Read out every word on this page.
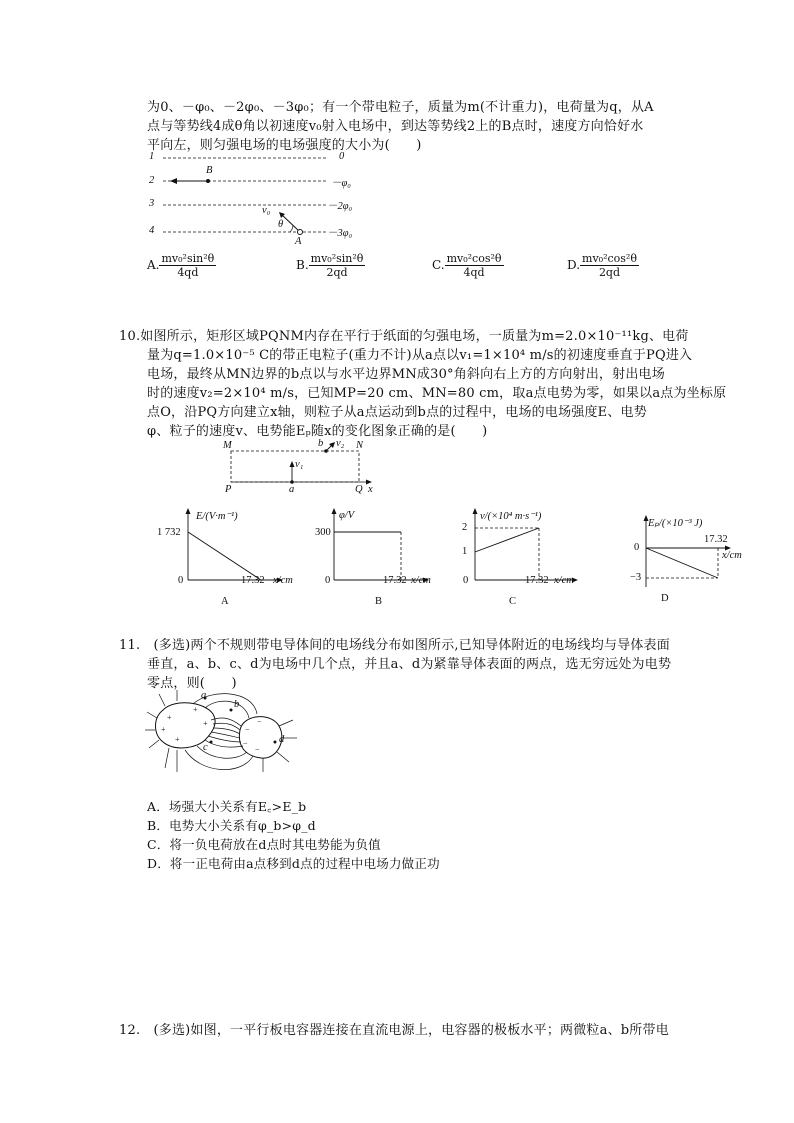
为0、－φ₀、－2φ₀、－3φ₀；有一个带电粒子，质量为m(不计重力)，电荷量为q，从A
点与等势线4成θ角以初速度v₀射入电场中，到达等势线2上的B点时，速度方向恰好水
平向左，则匀强电场的电场强度的大小为(　　)
1
2
3
4
0
－φ₀
－2φ₀
－3φ₀
B
A
v₀
θ
A. $\frac{\text{mv₀²sin²θ}}{4qd}$	B. $\frac{\text{mv₀²sin²θ}}{2qd}$	C. $\frac{\text{mv₀²cos²θ}}{4qd}$	D. $\frac{\text{mv₀²cos²θ}}{2qd}$
10.如图所示，矩形区域PQNM内存在平行于纸面的匀强电场，一质量为m=2.0×10⁻¹¹kg、电荷
量为q=1.0×10⁻⁵ C的带正电粒子(重力不计)从a点以v₁=1×10⁴ m/s的初速度垂直于PQ进入
电场，最终从MN边界的b点以与水平边界MN成30°角斜向右上方的方向射出，射出电场
时的速度v₂=2×10⁴ m/s，已知MP=20 cm、MN=80 cm，取a点电势为零，如果以a点为坐标原
点O，沿PQ方向建立x轴，则粒子从a点运动到b点的过程中，电场的电场强度E、电势
φ、粒子的速度v、电势能Eₚ随x的变化图象正确的是(　　)
M	N
P	Q
a
b
x
v₁
v₂
E/(V·m⁻¹)
1 732
0	17.32 x/cm
A
φ/V
300
0	17.32 x/cm
B
v/(×10⁴ m·s⁻¹)
2
1
0	17.32 x/cm
C
Eₚ/(×10⁻³ J)
0
−3
17.32
x/cm
D
11.　(多选)两个不规则带电导体间的电场线分布如图所示,已知导体附近的电场线均与导体表面
垂直，a、b、c、d为电场中几个点，并且a、d为紧靠导体表面的两点，选无穷远处为电势
零点，则(　　)
+
+
+
+
+
−
−
−
−
a
b
c
d
A．场强大小关系有E꜀>E_b
B．电势大小关系有φ_b>φ_d
C．将一负电荷放在d点时其电势能为负值
D．将一正电荷由a点移到d点的过程中电场力做正功
12.　(多选)如图，一平行板电容器连接在直流电源上，电容器的极板水平；两微粒a、b所带电
